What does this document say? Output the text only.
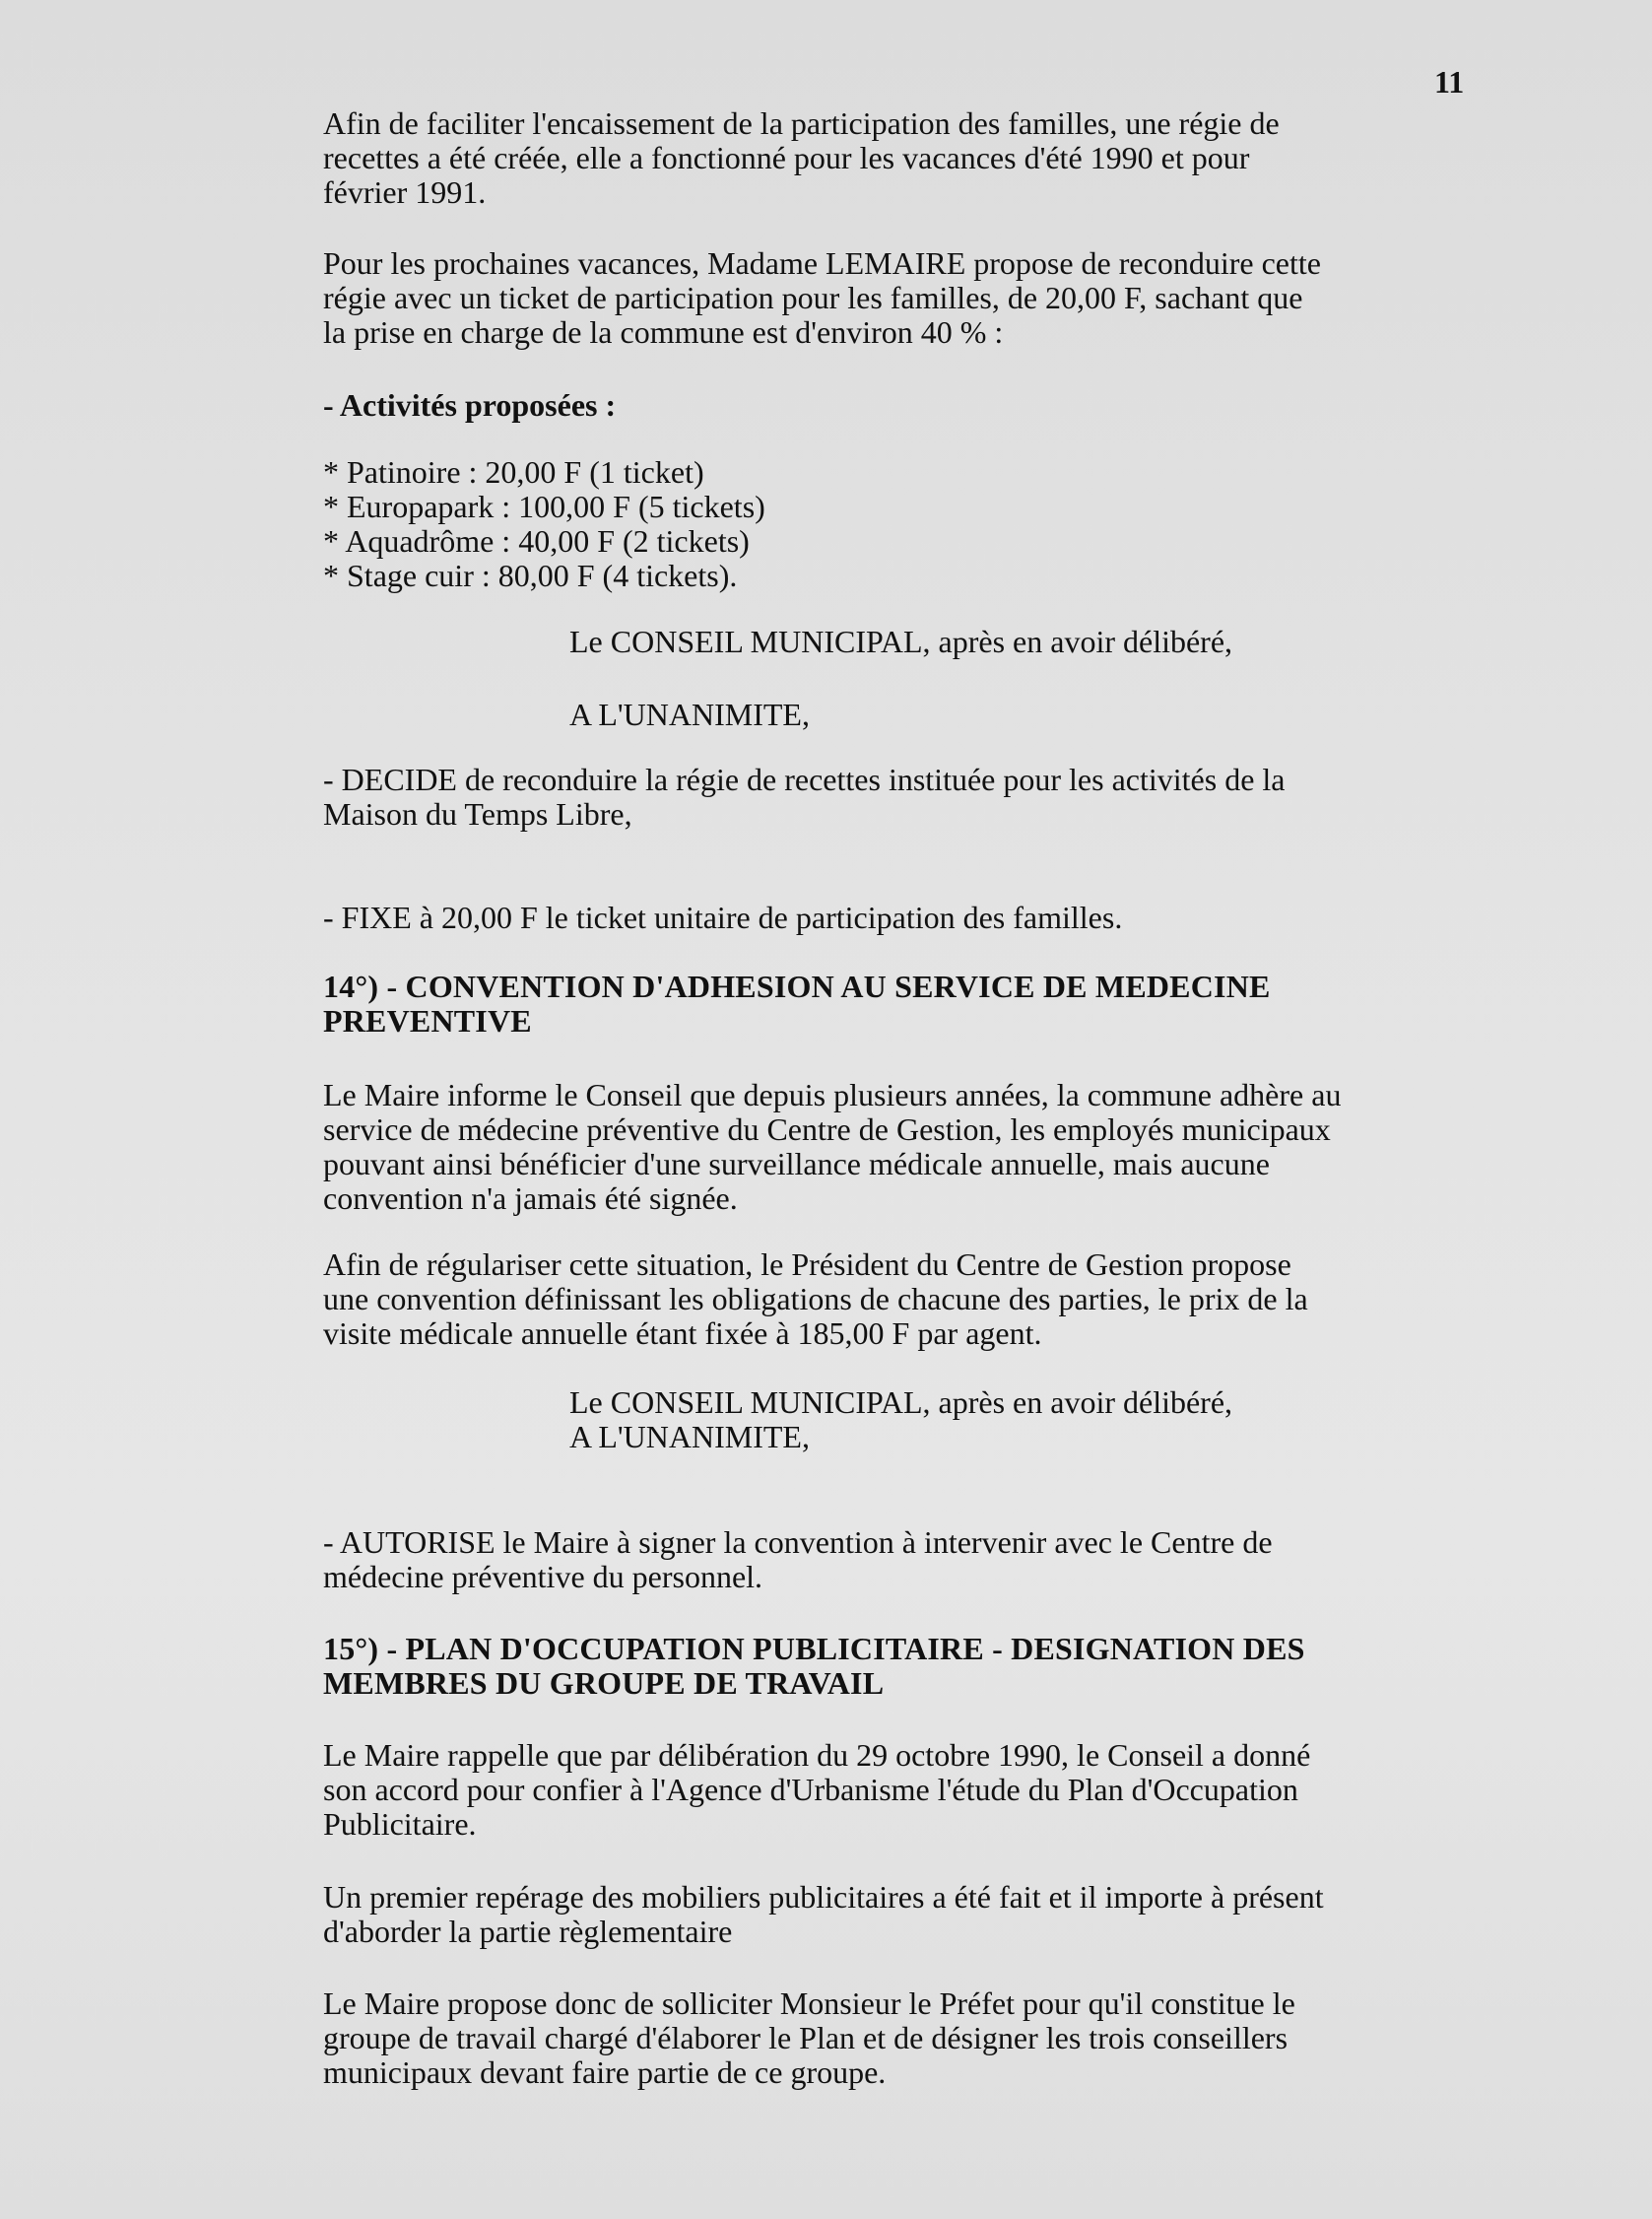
11

Afin de faciliter l'encaissement de la participation des familles, une régie de
recettes a été créée, elle a fonctionné pour les vacances d'été 1990 et pour
février 1991.

Pour les prochaines vacances, Madame LEMAIRE propose de reconduire cette
régie avec un ticket de participation pour les familles, de 20,00 F, sachant que
la prise en charge de la commune est d'environ 40 % :

- Activités proposées :

* Patinoire : 20,00 F (1 ticket)
* Europapark : 100,00 F (5 tickets)
* Aquadrôme : 40,00 F (2 tickets)
* Stage cuir : 80,00 F (4 tickets).

Le CONSEIL MUNICIPAL, après en avoir délibéré,

A L'UNANIMITE,

- DECIDE de reconduire la régie de recettes instituée pour les activités de la
Maison du Temps Libre,

- FIXE à 20,00 F le ticket unitaire de participation des familles.

14°) - CONVENTION D'ADHESION AU SERVICE DE MEDECINE
PREVENTIVE

Le Maire informe le Conseil que depuis plusieurs années, la commune adhère au
service de médecine préventive du Centre de Gestion, les employés municipaux
pouvant ainsi bénéficier d'une surveillance médicale annuelle, mais aucune
convention n'a jamais été signée.

Afin de régulariser cette situation, le Président du Centre de Gestion propose
une convention définissant les obligations de chacune des parties, le prix de la
visite médicale annuelle étant fixée à 185,00 F par agent.

Le CONSEIL MUNICIPAL, après en avoir délibéré,
A L'UNANIMITE,

- AUTORISE le Maire à signer la convention à intervenir avec le Centre de
médecine préventive du personnel.

15°) - PLAN D'OCCUPATION PUBLICITAIRE - DESIGNATION DES
MEMBRES DU GROUPE DE TRAVAIL

Le Maire rappelle que par délibération du 29 octobre 1990, le Conseil a donné
son accord pour confier à l'Agence d'Urbanisme l'étude du Plan d'Occupation
Publicitaire.

Un premier repérage des mobiliers publicitaires a été fait et il importe à présent
d'aborder la partie règlementaire

Le Maire propose donc de solliciter Monsieur le Préfet pour qu'il constitue le
groupe de travail chargé d'élaborer le Plan et de désigner les trois conseillers
municipaux devant faire partie de ce groupe.
